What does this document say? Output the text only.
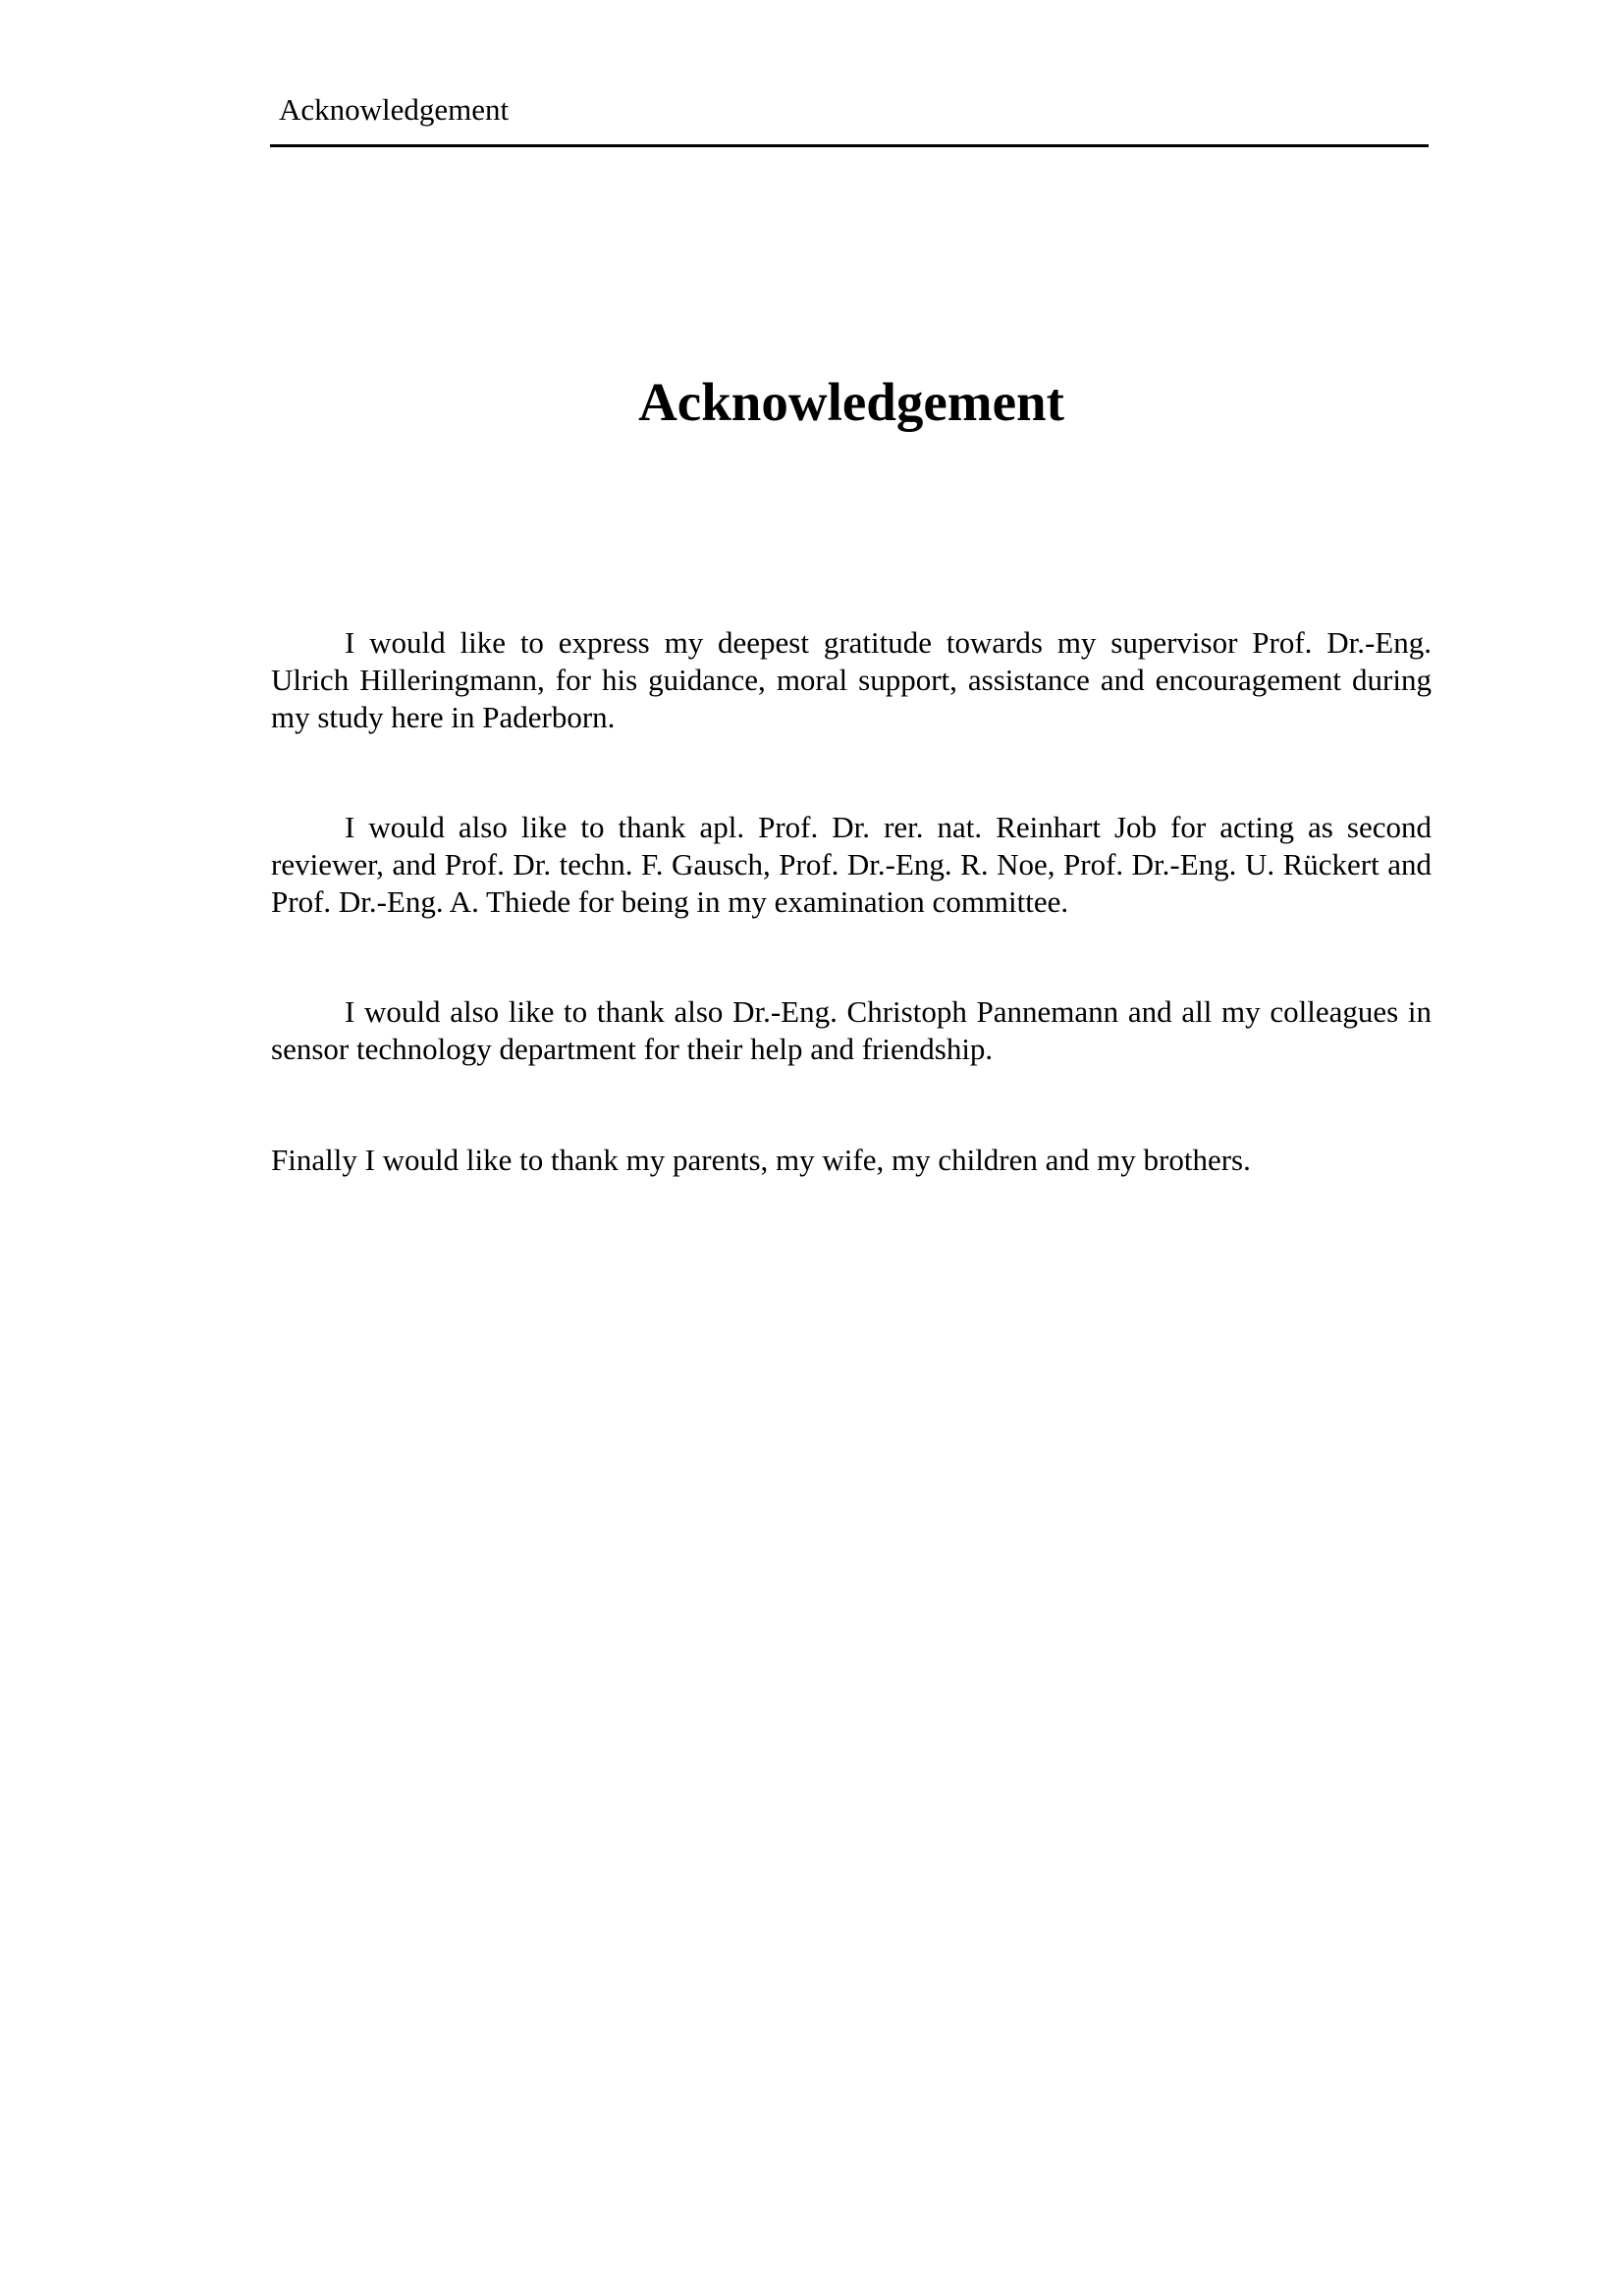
Acknowledgement
Acknowledgement

I would like to express my deepest gratitude towards my supervisor Prof. Dr.-Eng. Ulrich Hilleringmann, for his guidance, moral support, assistance and encouragement during my study here in Paderborn.

I would also like to thank apl. Prof. Dr. rer. nat. Reinhart Job for acting as second reviewer, and Prof. Dr. techn. F. Gausch, Prof. Dr.-Eng. R. Noe, Prof. Dr.-Eng. U. Rückert and Prof. Dr.-Eng. A. Thiede for being in my examination committee.

I would also like to thank also Dr.-Eng. Christoph Pannemann and all my colleagues in sensor technology department for their help and friendship.

Finally I would like to thank my parents, my wife, my children and my brothers.
